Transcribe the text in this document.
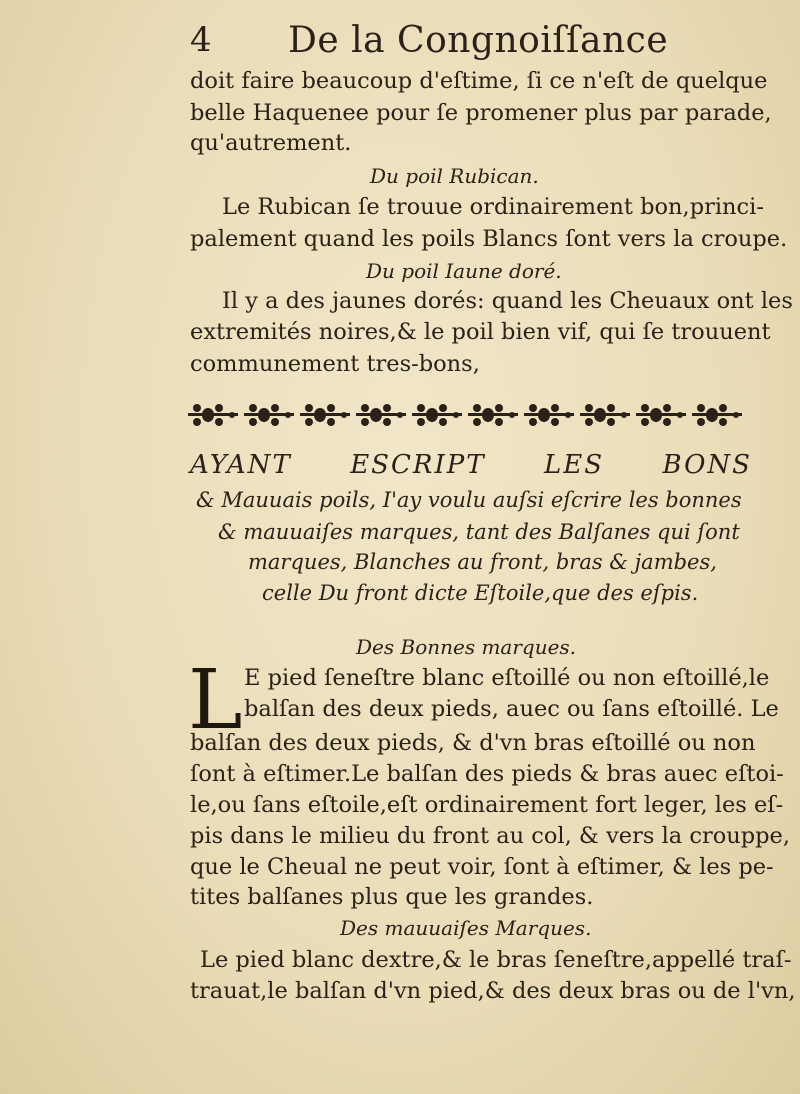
4 De la Congnoiſſance
doit faire beaucoup d'eſtime, ſi ce n'eſt de quelque
belle Haquenee pour ſe promener plus par parade,
qu'autrement.
Du poil Rubican.
Le Rubican ſe trouue ordinairement bon,princi-
palement quand les poils Blancs ſont vers la croupe.
Du poil Iaune doré.
Il y a des jaunes dorés: quand les Cheuaux ont les
extremités noires,& le poil bien vif, qui ſe trouuent
communement tres-bons,
AYANT ESCRIPT LES BONS
& Mauuais poils, I'ay voulu auſsi eſcrire les bonnes
& mauuaiſes marques, tant des Balſanes qui ſont
marques, Blanches au front, bras & jambes,
celle Du front dicte Eſtoile,que des eſpis.
Des Bonnes marques.
L E pied ſeneſtre blanc eſtoillé ou non eſtoillé,le
balſan des deux pieds, auec ou ſans eſtoillé. Le
balſan des deux pieds, & d'vn bras eſtoillé ou non
ſont à eſtimer.Le balſan des pieds & bras auec eſtoi-
le,ou ſans eſtoile,eſt ordinairement fort leger, les eſ-
pis dans le milieu du front au col, & vers la crouppe,
que le Cheual ne peut voir, ſont à eſtimer, & les pe-
tites balſanes plus que les grandes.
Des mauuaiſes Marques.
Le pied blanc dextre,& le bras ſeneſtre,appellé traſ-
trauat,le balſan d'vn pied,& des deux bras ou de l'vn,
